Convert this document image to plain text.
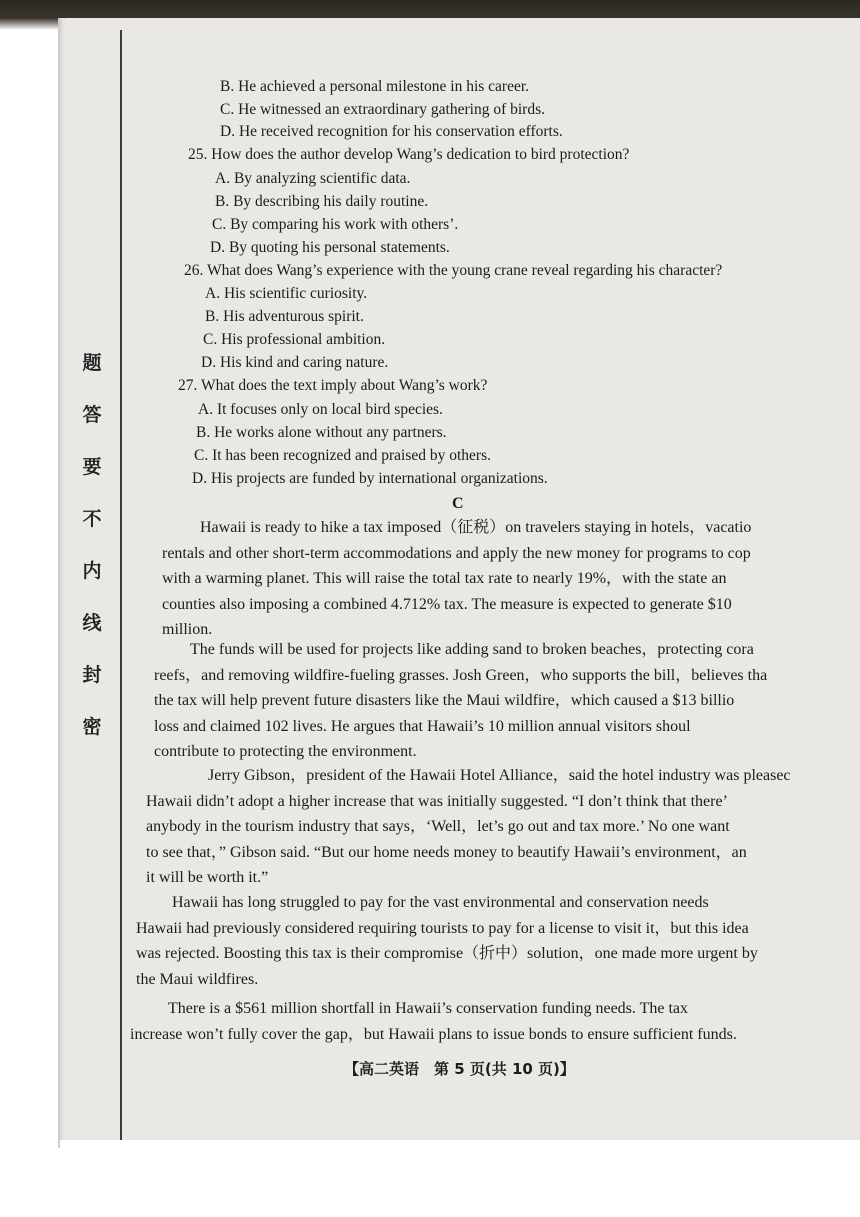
题
答
要
不
内
线
封
密
B. He achieved a personal milestone in his career.
C. He witnessed an extraordinary gathering of birds.
D. He received recognition for his conservation efforts.
25. How does the author develop Wang’s dedication to bird protection?
A. By analyzing scientific data.
B. By describing his daily routine.
C. By comparing his work with others’.
D. By quoting his personal statements.
26. What does Wang’s experience with the young crane reveal regarding his character?
A. His scientific curiosity.
B. His adventurous spirit.
C. His professional ambition.
D. His kind and caring nature.
27. What does the text imply about Wang’s work?
A. It focuses only on local bird species.
B. He works alone without any partners.
C. It has been recognized and praised by others.
D. His projects are funded by international organizations.
C
Hawaii is ready to hike a tax imposed（征税）on travelers staying in hotels，vacatio
rentals and other short-term accommodations and apply the new money for programs to cop
with a warming planet. This will raise the total tax rate to nearly 19%，with the state an
counties also imposing a combined 4.712% tax. The measure is expected to generate $10
million.
The funds will be used for projects like adding sand to broken beaches，protecting cora
reefs，and removing wildfire-fueling grasses. Josh Green，who supports the bill，believes tha
the tax will help prevent future disasters like the Maui wildfire，which caused a $13 billio
loss and claimed 102 lives. He argues that Hawaii’s 10 million annual visitors shoul
contribute to protecting the environment.
Jerry Gibson，president of the Hawaii Hotel Alliance，said the hotel industry was pleasec
Hawaii didn’t adopt a higher increase that was initially suggested. “I don’t think that there’
anybody in the tourism industry that says，‘Well，let’s go out and tax more.’ No one want
to see that，” Gibson said. “But our home needs money to beautify Hawaii’s environment，an
it will be worth it.”
Hawaii has long struggled to pay for the vast environmental and conservation needs
Hawaii had previously considered requiring tourists to pay for a license to visit it，but this idea
was rejected. Boosting this tax is their compromise（折中）solution，one made more urgent by
the Maui wildfires.
There is a $561 million shortfall in Hawaii’s conservation funding needs. The tax
increase won’t fully cover the gap，but Hawaii plans to issue bonds to ensure sufficient funds.
【高二英语　第 5 页(共 10 页)】
